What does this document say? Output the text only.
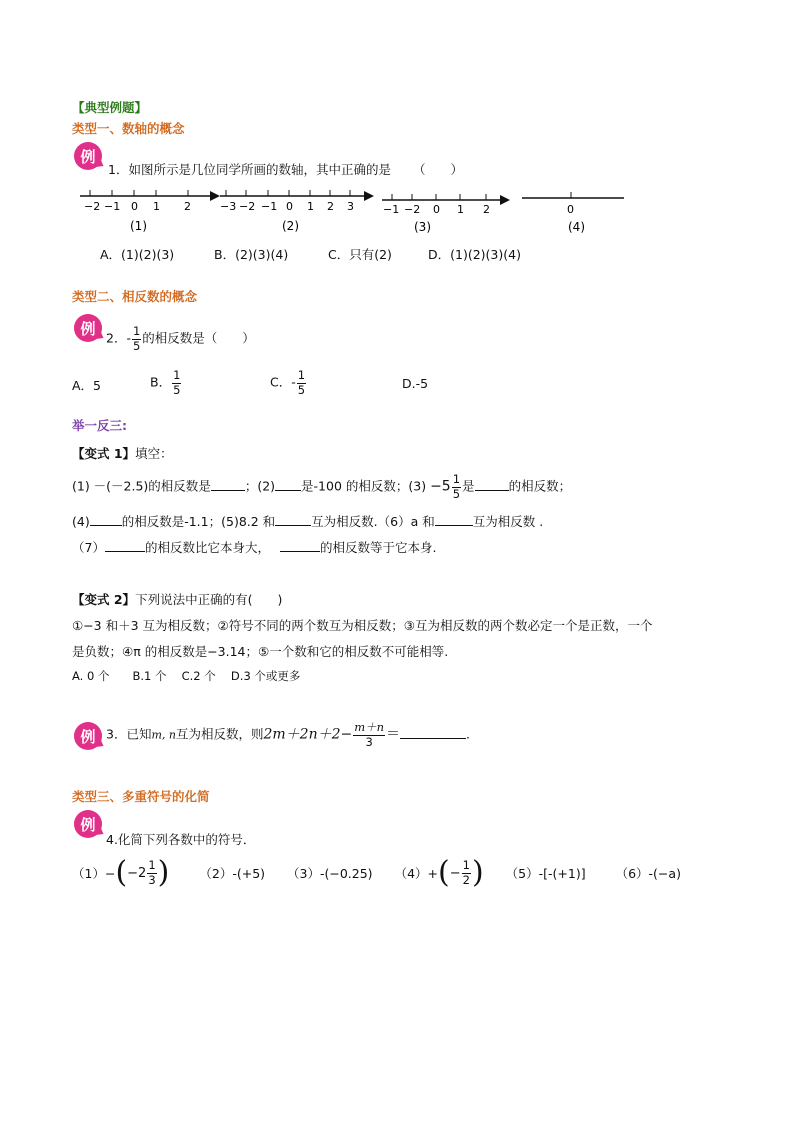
【典型例题】
类型一、数轴的概念
例
1．如图所示是几位同学所画的数轴，其中正确的是 （　　）
−2 −1 0 1 2
(1)
−3 −2 −1 0 1 2 3
(2)
−1 −2 0 1 2
(3)
0
(4)
A．(1)(2)(3)	B．(2)(3)(4)	C．只有(2)	D．(1)(2)(3)(4)
类型二、相反数的概念
例
2．- $\frac{1}{5}$ 的相反数是（　　）
A．5	B． $\frac{1}{5}$	C．- $\frac{1}{5}$	D.-5
举一反三:
【变式 1】填空：
(1) －(－2.5)的相反数是	；(2) 是-100 的相反数；$(3) -5 \frac{1}{5}$ 是	的相反数；
(4)	的相反数是-1.1；(5)8.2 和	互为相反数.（6）a 和	互为相反数 .
（7）	的相反数比它本身大，	的相反数等于它本身.
【变式 2】下列说法中正确的有(　　)
①−3 和＋3 互为相反数；②符号不同的两个数互为相反数；③互为相反数的两个数必定一个是正数，一个
是负数；④π 的相反数是−3.14；⑤一个数和它的相反数不可能相等.
A. 0 个　　B.1 个　 C.2 个　 D.3 个或更多
例 3．已知m, n互为相反数，则$2m+2n+2- \frac{m+n}{3}$ ＝	.
类型三、多重符号的化简
例
4.化简下列各数中的符号．
（1）− ( $-2 \frac{1}{3}$ ) （2）-(+5) （3）-(−0.25) （4）+ ( − $\frac{1}{2}$ ) （5）-[-(+1)] （6）-(−a)
